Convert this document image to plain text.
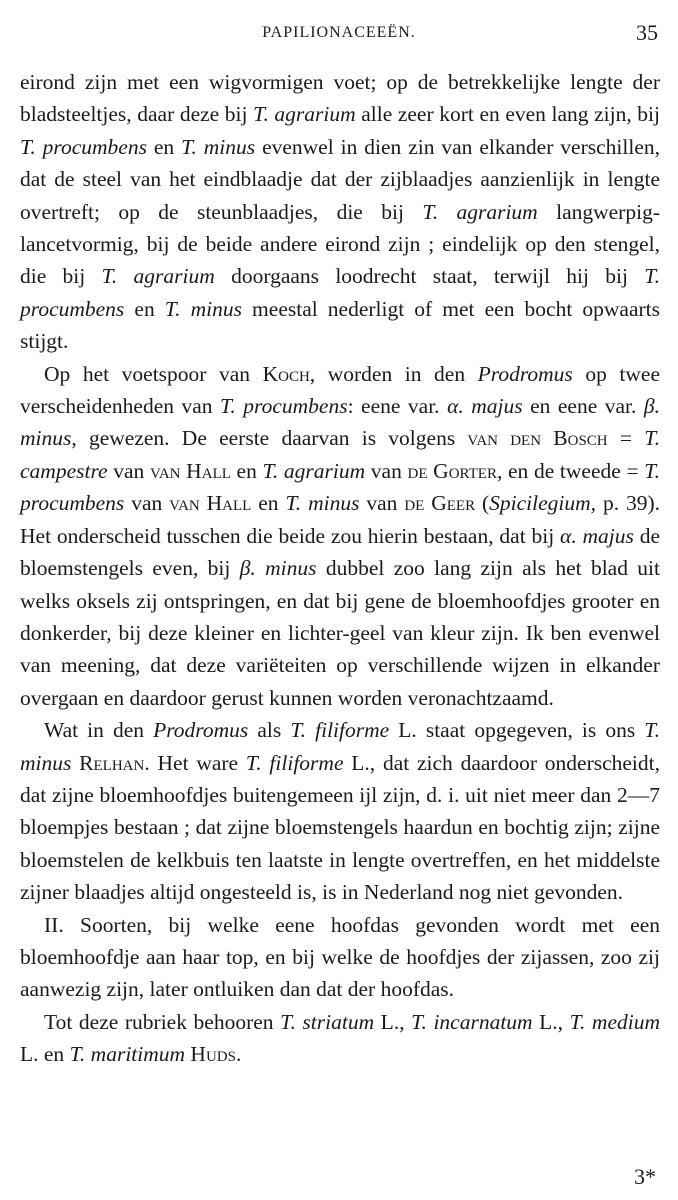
PAPILIONACEEËN.	35

eirond zijn met een wigvormigen voet; op de betrekkelijke lengte der bladsteeltjes, daar deze bij T. agrarium alle zeer kort en even lang zijn, bij T. procumbens en T. minus evenwel in dien zin van elkander verschillen, dat de steel van het eindblaadje dat der zijblaadjes aanzienlijk in lengte overtreft; op de steunblaadjes, die bij T. agrarium langwerpig-lancetvormig, bij de beide andere eirond zijn ; eindelijk op den stengel, die bij T. agrarium doorgaans loodrecht staat, terwijl hij bij T. procumbens en T. minus meestal nederligt of met een bocht opwaarts stijgt.

Op het voetspoor van Koch, worden in den Prodromus op twee verscheidenheden van T. procumbens: eene var. α. majus en eene var. β. minus, gewezen. De eerste daarvan is volgens van den Bosch = T. campestre van van Hall en T. agrarium van de Gorter, en de tweede = T. procumbens van van Hall en T. minus van de Geer (Spicilegium, p. 39). Het onderscheid tusschen die beide zou hierin bestaan, dat bij α. majus de bloemstengels even, bij β. minus dubbel zoo lang zijn als het blad uit welks oksels zij ontspringen, en dat bij gene de bloemhoofdjes grooter en donkerder, bij deze kleiner en lichter-geel van kleur zijn. Ik ben evenwel van meening, dat deze variëteiten op verschillende wijzen in elkander overgaan en daardoor gerust kunnen worden veronachtzaamd.

Wat in den Prodromus als T. filiforme L. staat opgegeven, is ons T. minus Relhan. Het ware T. filiforme L., dat zich daardoor onderscheidt, dat zijne bloemhoofdjes buitengemeen ijl zijn, d. i. uit niet meer dan 2—7 bloempjes bestaan ; dat zijne bloemstengels haardun en bochtig zijn; zijne bloemstelen de kelkbuis ten laatste in lengte overtreffen, en het middelste zijner blaadjes altijd ongesteeld is, is in Nederland nog niet gevonden.

II. Soorten, bij welke eene hoofdas gevonden wordt met een bloemhoofdje aan haar top, en bij welke de hoofdjes der zijassen, zoo zij aanwezig zijn, later ontluiken dan dat der hoofdas.

Tot deze rubriek behooren T. striatum L., T. incarnatum L., T. medium L. en T. maritimum Huds.

3*
